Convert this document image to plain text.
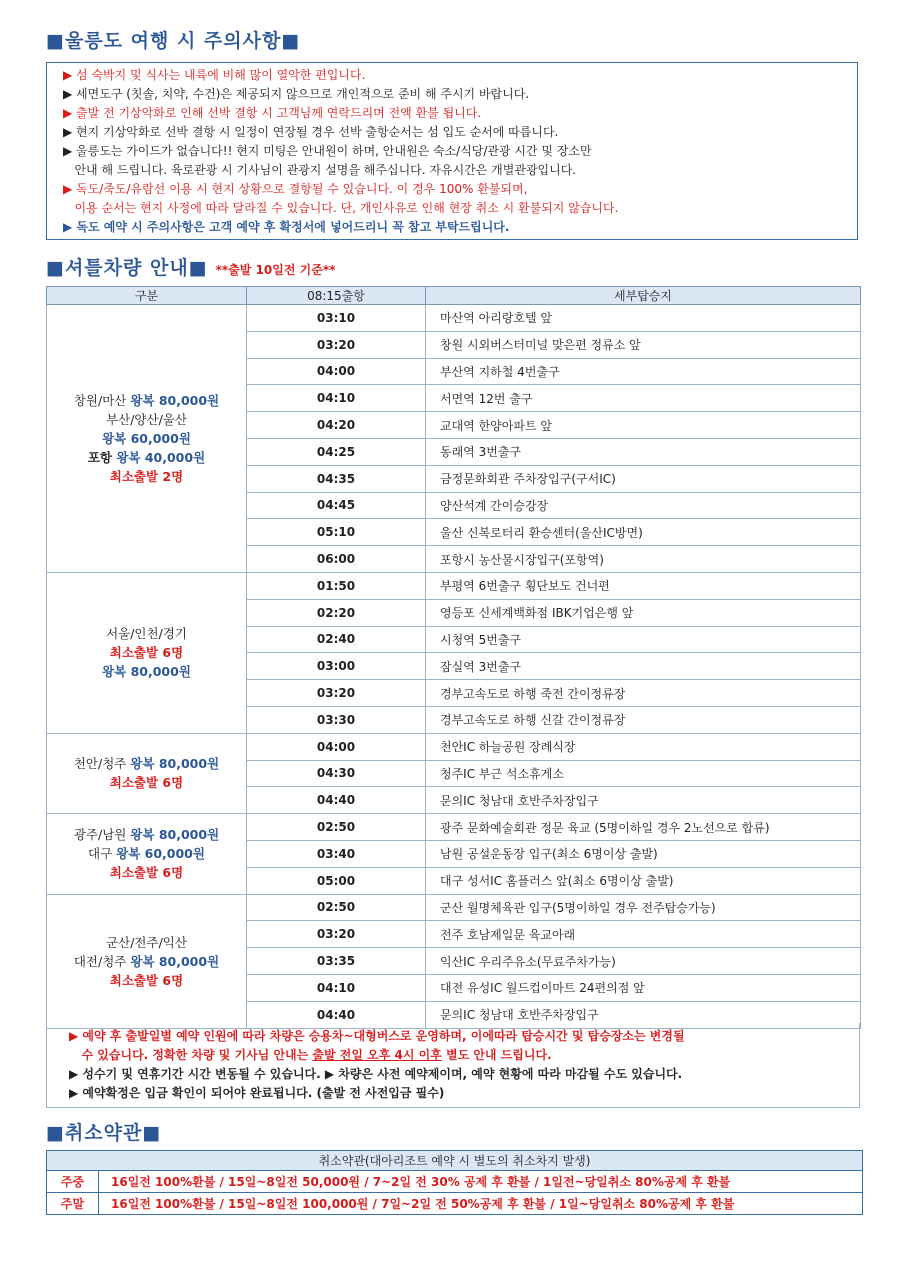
■울릉도 여행 시 주의사항■
▶ 섬 숙박지 및 식사는 내륙에 비해 많이 열악한 편입니다.
▶ 세면도구 (칫솔, 치약, 수건)은 제공되지 않으므로 개인적으로 준비 해 주시기 바랍니다.
▶ 출발 전 기상악화로 인해 선박 결항 시 고객님께 연락드리며 전액 환불 됩니다.
▶ 현지 기상악화로 선박 결항 시 일정이 연장될 경우 선박 출항순서는 섬 입도 순서에 따릅니다.
▶ 울릉도는 가이드가 없습니다!! 현지 미팅은 안내원이 하며, 안내원은 숙소/식당/관광 시간 및 장소만
안내 해 드립니다. 육로관광 시 기사님이 관광지 설명을 해주십니다. 자유시간은 개별관광입니다.
▶ 독도/죽도/유람선 이용 시 현지 상황으로 결항될 수 있습니다. 이 경우 100% 환불되며,
이용 순서는 현지 사정에 따라 달라질 수 있습니다. 단, 개인사유로 인해 현장 취소 시 환불되지 않습니다.
▶ 독도 예약 시 주의사항은 고객 예약 후 확정서에 넣어드리니 꼭 참고 부탁드립니다.
■셔틀차량 안내■ **출발 10일전 기준**
구분	08:15출항	세부탑승지

창원/마산 왕복 80,000원
부산/양산/울산
왕복 60,000원
포항 왕복 40,000원
최소출발 2명	03:10	마산역 아리랑호텔 앞
	03:20	창원 시외버스터미널 맞은편 정류소 앞
	04:00	부산역 지하철 4번출구
	04:10	서면역 12번 출구
	04:20	교대역 한양아파트 앞
	04:25	동래역 3번출구
	04:35	금정문화회관 주차장입구(구서IC)
	04:45	양산석계 간이승강장
	05:10	울산 신복로터리 환승센터(울산IC방면)
	06:00	포항시 농산물시장입구(포항역)

서울/인천/경기
최소출발 6명
왕복 80,000원	01:50	부평역 6번출구 횡단보도 건너편
	02:20	영등포 신세계백화점 IBK기업은행 앞
	02:40	시청역 5번출구
	03:00	잠실역 3번출구
	03:20	경부고속도로 하행 죽전 간이정류장
	03:30	경부고속도로 하행 신갈 간이정류장

천안/청주 왕복 80,000원
최소출발 6명	04:00	천안IC 하늘공원 장례식장
	04:30	청주IC 부근 석소휴게소
	04:40	문의IC 청남대 호반주차장입구

광주/남원 왕복 80,000원
대구 왕복 60,000원
최소출발 6명	02:50	광주 문화예술회관 정문 육교 (5명이하일 경우 2노선으로 합류)
	03:40	남원 공설운동장 입구(최소 6명이상 출발)
	05:00	대구 성서IC 홈플러스 앞(최소 6명이상 출발)

군산/전주/익산
대전/청주 왕복 80,000원
최소출발 6명	02:50	군산 월명체육관 입구(5명이하일 경우 전주탑승가능)
	03:20	전주 호남제일문 육교아래
	03:35	익산IC 우리주유소(무료주차가능)
	04:10	대전 유성IC 월드컵이마트 24편의점 앞
	04:40	문의IC 청남대 호반주차장입구
▶ 예약 후 출발일별 예약 인원에 따라 차량은 승용차~대형버스로 운영하며, 이에따라 탑승시간 및 탑승장소는 변경될
수 있습니다. 정확한 차량 및 기사님 안내는 출발 전일 오후 4시 이후 별도 안내 드립니다.
▶ 성수기 및 연휴기간 시간 변동될 수 있습니다. ▶ 차량은 사전 예약제이며, 예약 현황에 따라 마감될 수도 있습니다.
▶ 예약확정은 입금 확인이 되어야 완료됩니다. (출발 전 사전입금 필수)
■취소약관■
취소약관(대아리조트 예약 시 별도의 취소차지 발생)	
주중	16일전 100%환불 / 15일~8일전 50,000원 / 7~2일 전 30% 공제 후 환불 / 1일전~당일취소 80%공제 후 환불
주말	16일전 100%환불 / 15일~8일전 100,000원 / 7일~2일 전 50%공제 후 환불 / 1일~당일취소 80%공제 후 환불
